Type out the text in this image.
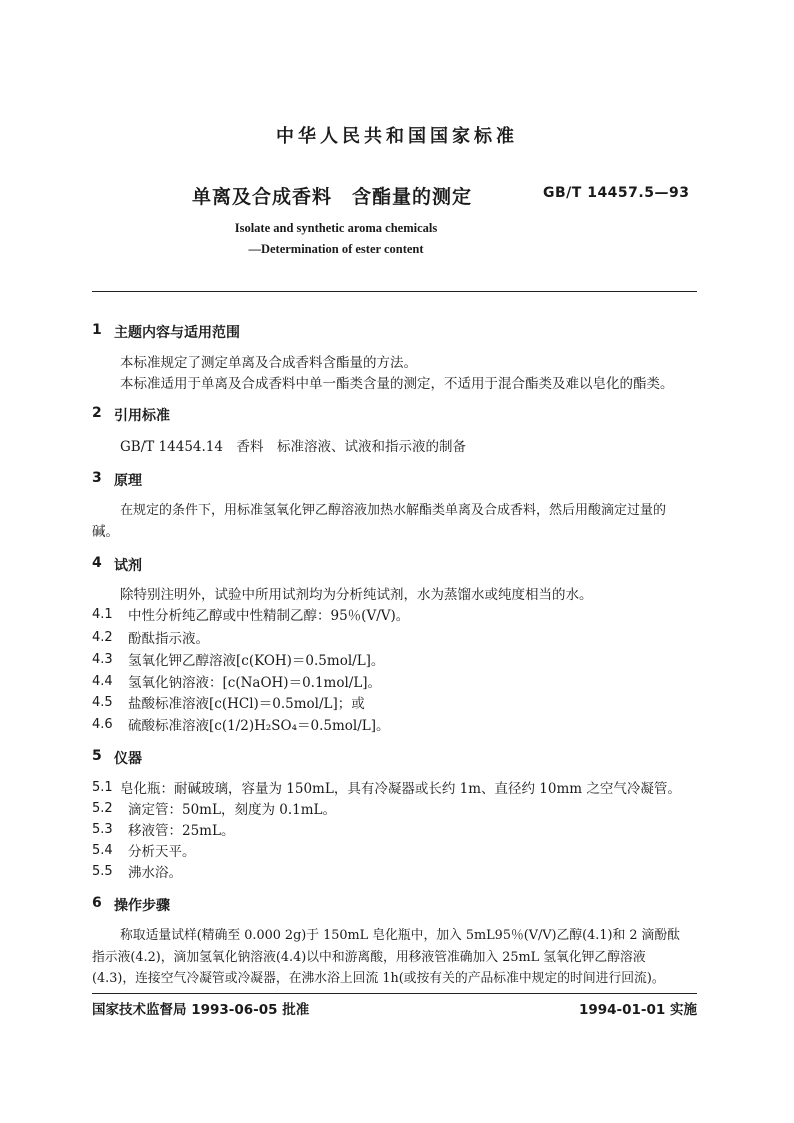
中华人民共和国国家标准
单离及合成香料　含酯量的测定	GB/T 14457.5—93
Isolate and synthetic aroma chemicals
—Determination of ester content
1 主题内容与适用范围
本标准规定了测定单离及合成香料含酯量的方法。
本标准适用于单离及合成香料中单一酯类含量的测定，不适用于混合酯类及难以皂化的酯类。
2 引用标准
GB/T 14454.14　香料　标准溶液、试液和指示液的制备
3 原理
在规定的条件下，用标准氢氧化钾乙醇溶液加热水解酯类单离及合成香料，然后用酸滴定过量的
碱。
4 试剂
除特别注明外，试验中所用试剂均为分析纯试剂，水为蒸馏水或纯度相当的水。
4.1 中性分析纯乙醇或中性精制乙醇：95％(V/V)。
4.2 酚酞指示液。
4.3 氢氧化钾乙醇溶液[c(KOH)＝0.5mol/L]。
4.4 氢氧化钠溶液：[c(NaOH)＝0.1mol/L]。
4.5 盐酸标准溶液[c(HCl)＝0.5mol/L]；或
4.6 硫酸标准溶液[c(1/2)H₂SO₄＝0.5mol/L]。
5 仪器
5.1 皂化瓶：耐碱玻璃，容量为 150mL，具有冷凝器或长约 1m、直径约 10mm 之空气冷凝管。
5.2 滴定管：50mL，刻度为 0.1mL。
5.3 移液管：25mL。
5.4 分析天平。
5.5 沸水浴。
6 操作步骤
称取适量试样(精确至 0.000 2g)于 150mL 皂化瓶中，加入 5mL95％(V/V)乙醇(4.1)和 2 滴酚酞
指示液(4.2)，滴加氢氧化钠溶液(4.4)以中和游离酸，用移液管准确加入 25mL 氢氧化钾乙醇溶液
(4.3)，连接空气冷凝管或冷凝器，在沸水浴上回流 1h(或按有关的产品标准中规定的时间进行回流)。
国家技术监督局 1993-06-05 批准	1994-01-01 实施
